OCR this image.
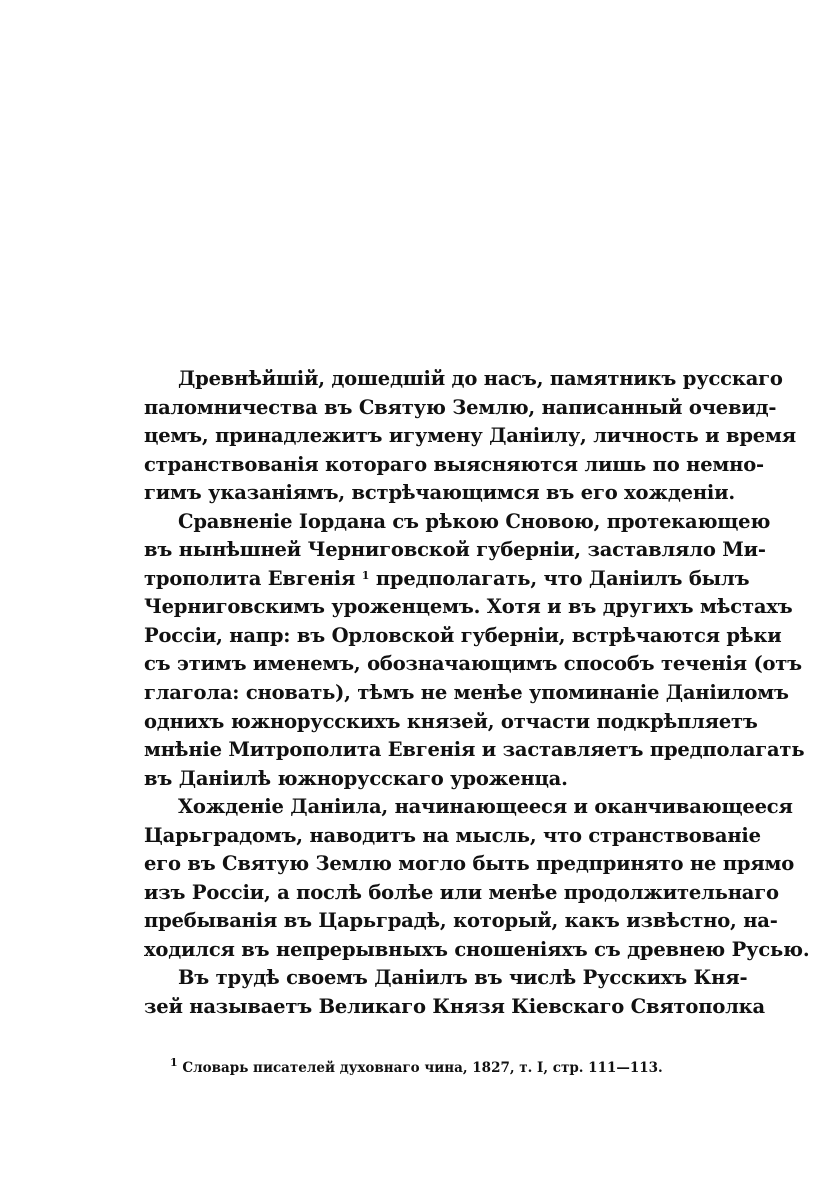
Древнѣйшій, дошедшій до насъ, памятникъ русскаго
паломничества въ Святую Землю, написанный очевид-
цемъ, принадлежитъ игумену Даніилу, личность и время
странствованія котораго выясняются лишь по немно-
гимъ указаніямъ, встрѣчающимся въ его хожденіи.
Сравненіе Іордана съ рѣкою Сновою, протекающею
въ нынѣшней Черниговской губерніи, заставляло Ми-
трополита Евгенія $^1$ предполагать, что Даніилъ былъ
Черниговскимъ уроженцемъ. Хотя и въ другихъ мѣстахъ
Россіи, напр: въ Орловской губерніи, встрѣчаются рѣки
съ этимъ именемъ, обозначающимъ способъ теченія (отъ
глагола: сновать), тѣмъ не менѣе упоминаніе Даніиломъ
однихъ южнорусскихъ князей, отчасти подкрѣпляетъ
мнѣніе Митрополита Евгенія и заставляетъ предполагать
въ Даніилѣ южнорусскаго уроженца.
Хожденіе Даніила, начинающееся и оканчивающееся
Царьградомъ, наводитъ на мысль, что странствованіе
его въ Святую Землю могло быть предпринято не прямо
изъ Россіи, а послѣ болѣе или менѣе продолжительнаго
пребыванія въ Царьградѣ, который, какъ извѣстно, на-
ходился въ непрерывныхъ сношеніяхъ съ древнею Русью.
Въ трудѣ своемъ Даніилъ въ числѣ Русскихъ Кня-
зей называетъ Великаго Князя Кіевскаго Святополка
$^1$ Словарь писателей духовнаго чина, 1827, т. I, стр. 111—113.
